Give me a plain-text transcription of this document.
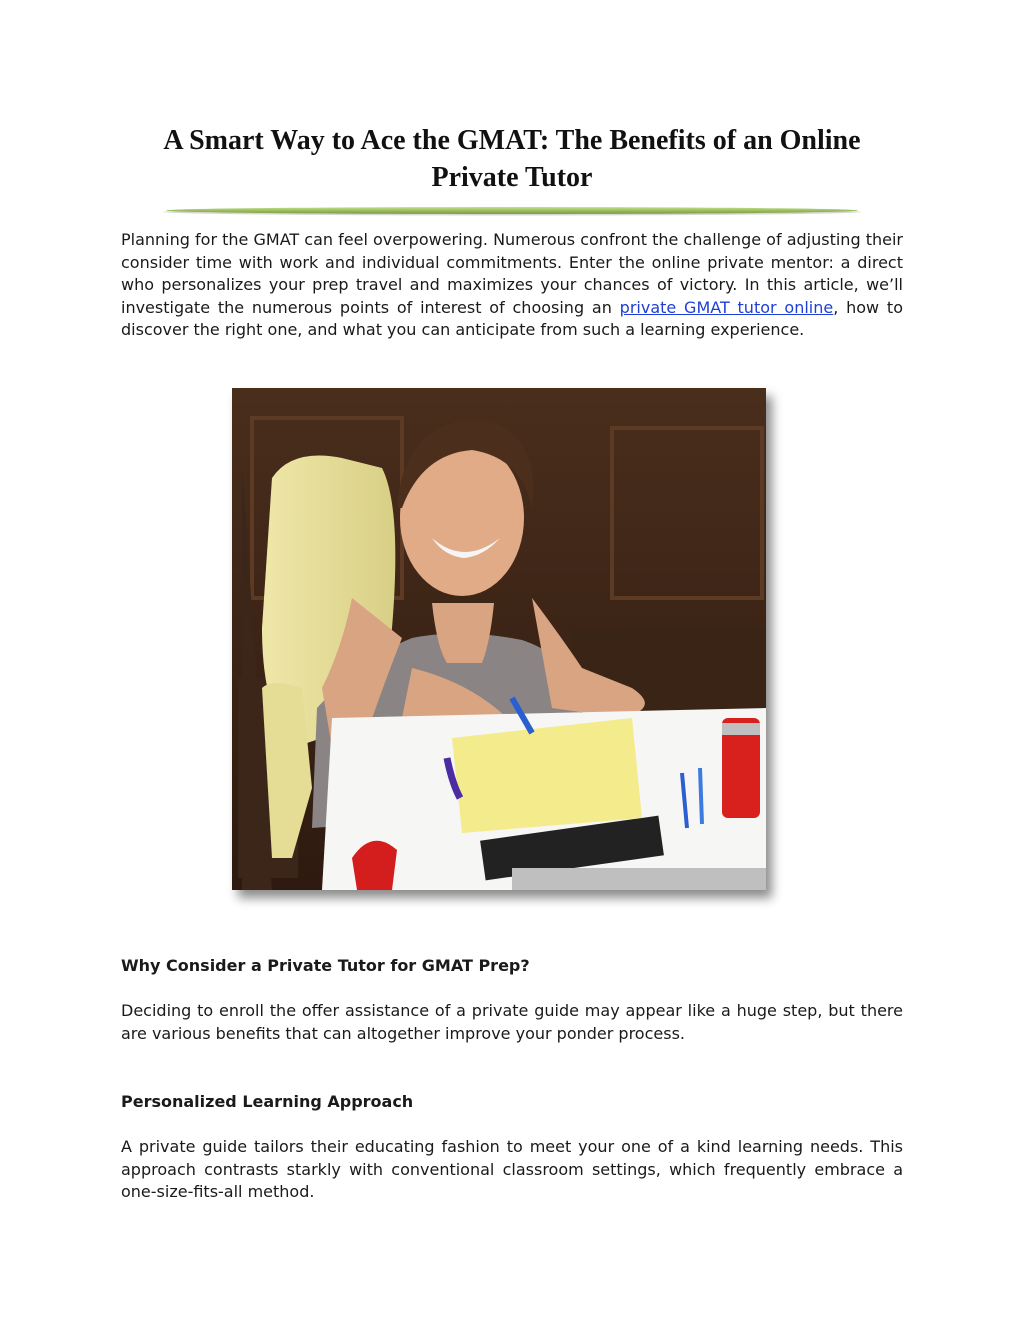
A Smart Way to Ace the GMAT: The Benefits of an Online
Private Tutor

Planning for the GMAT can feel overpowering. Numerous confront the challenge of adjusting their consider time with work and individual commitments. Enter the online private mentor: a direct who personalizes your prep travel and maximizes your chances of victory. In this article, we’ll investigate the numerous points of interest of choosing an private GMAT tutor online, how to discover the right one, and what you can anticipate from such a learning experience.

Why Consider a Private Tutor for GMAT Prep?

Deciding to enroll the offer assistance of a private guide may appear like a huge step, but there are various benefits that can altogether improve your ponder process.

Personalized Learning Approach

A private guide tailors their educating fashion to meet your one of a kind learning needs. This approach contrasts starkly with conventional classroom settings, which frequently embrace a one-size-fits-all method.
